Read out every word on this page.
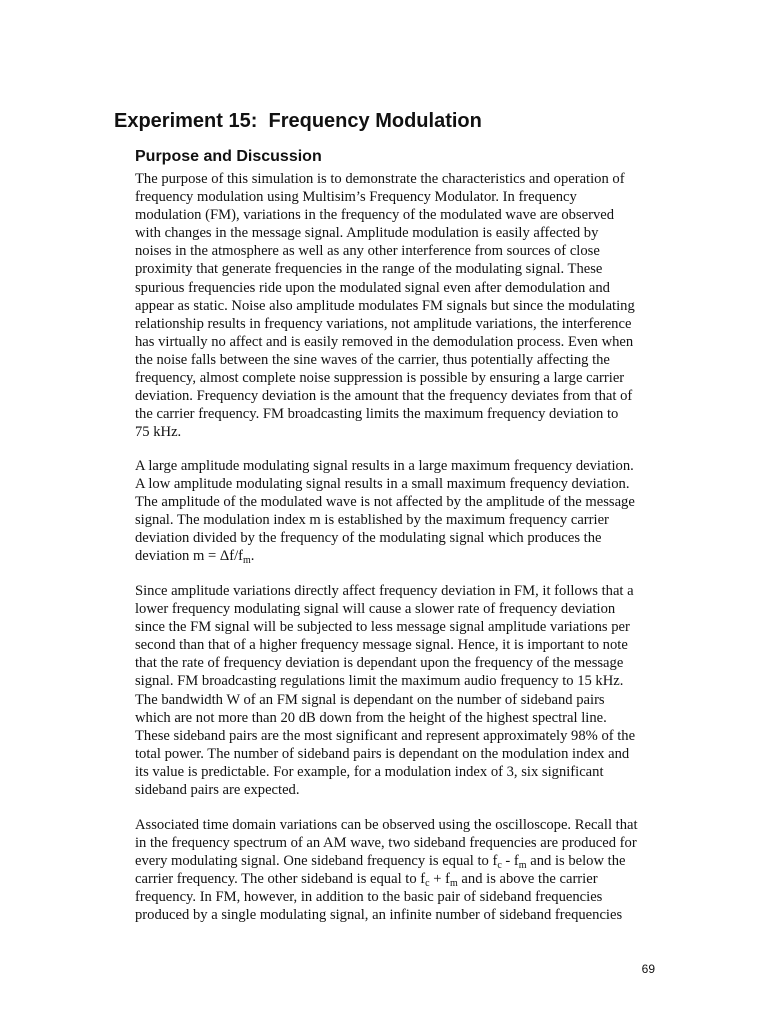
Experiment 15:  Frequency Modulation
Purpose and Discussion
The purpose of this simulation is to demonstrate the characteristics and operation of
frequency modulation using Multisim’s Frequency Modulator. In frequency
modulation (FM), variations in the frequency of the modulated wave are observed
with changes in the message signal. Amplitude modulation is easily affected by
noises in the atmosphere as well as any other interference from sources of close
proximity that generate frequencies in the range of the modulating signal. These
spurious frequencies ride upon the modulated signal even after demodulation and
appear as static. Noise also amplitude modulates FM signals but since the modulating
relationship results in frequency variations, not amplitude variations, the interference
has virtually no affect and is easily removed in the demodulation process. Even when
the noise falls between the sine waves of the carrier, thus potentially affecting the
frequency, almost complete noise suppression is possible by ensuring a large carrier
deviation. Frequency deviation is the amount that the frequency deviates from that of
the carrier frequency. FM broadcasting limits the maximum frequency deviation to
75 kHz.
A large amplitude modulating signal results in a large maximum frequency deviation.
A low amplitude modulating signal results in a small maximum frequency deviation.
The amplitude of the modulated wave is not affected by the amplitude of the message
signal. The modulation index m is established by the maximum frequency carrier
deviation divided by the frequency of the modulating signal which produces the
deviation $m = \Delta f/f_m$.
Since amplitude variations directly affect frequency deviation in FM, it follows that a
lower frequency modulating signal will cause a slower rate of frequency deviation
since the FM signal will be subjected to less message signal amplitude variations per
second than that of a higher frequency message signal. Hence, it is important to note
that the rate of frequency deviation is dependant upon the frequency of the message
signal. FM broadcasting regulations limit the maximum audio frequency to 15 kHz.
The bandwidth W of an FM signal is dependant on the number of sideband pairs
which are not more than 20 dB down from the height of the highest spectral line.
These sideband pairs are the most significant and represent approximately 98% of the
total power. The number of sideband pairs is dependant on the modulation index and
its value is predictable. For example, for a modulation index of 3, six significant
sideband pairs are expected.
Associated time domain variations can be observed using the oscilloscope. Recall that
in the frequency spectrum of an AM wave, two sideband frequencies are produced for
every modulating signal. One sideband frequency is equal to $f_c - f_m$ and is below the
carrier frequency. The other sideband is equal to $f_c + f_m$ and is above the carrier
frequency. In FM, however, in addition to the basic pair of sideband frequencies
produced by a single modulating signal, an infinite number of sideband frequencies
69
